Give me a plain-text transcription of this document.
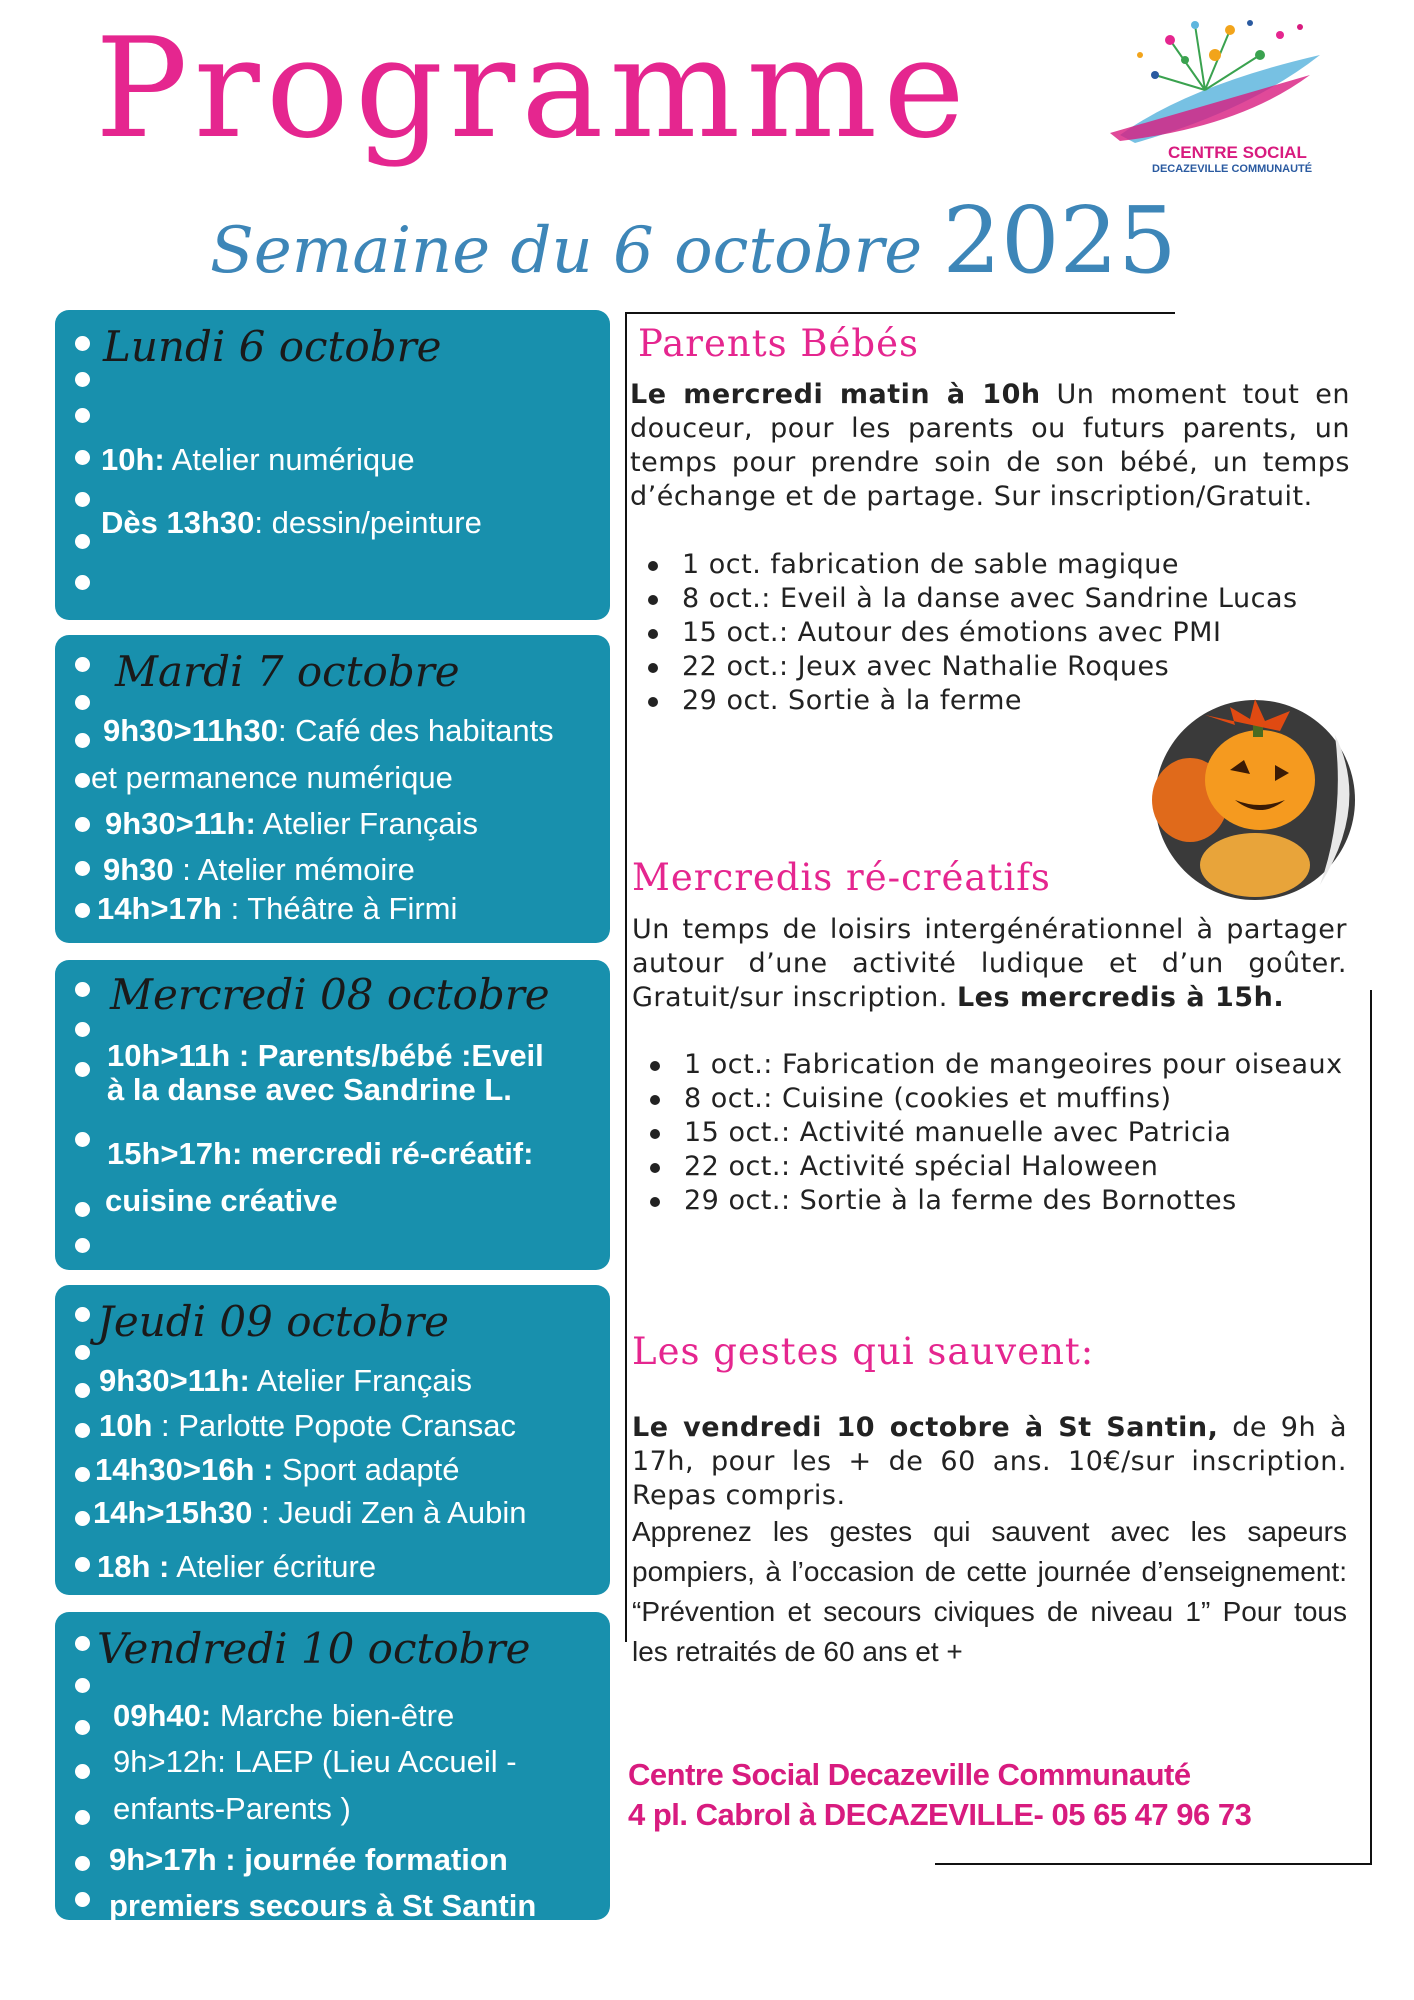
Programme
Semaine du 6 octobre 2025
CENTRE SOCIAL
DECAZEVILLE COMMUNAUTÉ
Lundi 6 octobre
10h: Atelier numérique
Dès 13h30: dessin/peinture
Mardi 7 octobre
9h30>11h30: Café des habitants
et permanence numérique
9h30>11h: Atelier Français
9h30 : Atelier mémoire
14h>17h : Théâtre à Firmi
Mercredi 08 octobre
10h>11h : Parents/bébé :Eveil
à la danse avec Sandrine L.
15h>17h: mercredi ré-créatif:
cuisine créative
Jeudi 09 octobre
9h30>11h: Atelier Français
10h : Parlotte Popote Cransac
14h30>16h : Sport adapté
14h>15h30 : Jeudi Zen à Aubin
18h : Atelier écriture
Vendredi 10 octobre
09h40: Marche bien-être
9h>12h: LAEP (Lieu Accueil -
enfants-Parents )
9h>17h : journée formation
premiers secours à St Santin
Parents Bébés
Le mercredi matin à 10h Un moment tout en douceur, pour les parents ou futurs parents, un temps pour prendre soin de son bébé, un temps d’échange et de partage. Sur inscription/Gratuit.
1 oct. fabrication de sable magique
8 oct.: Eveil à la danse avec Sandrine Lucas
15 oct.: Autour des émotions avec PMI
22 oct.: Jeux avec Nathalie Roques
29 oct. Sortie à la ferme
Mercredis ré-créatifs
Un temps de loisirs intergénérationnel à partager autour d’une activité ludique et d’un goûter. Gratuit/sur inscription. Les mercredis à 15h.
1 oct.: Fabrication de mangeoires pour oiseaux
8 oct.: Cuisine (cookies et muffins)
15 oct.: Activité manuelle avec Patricia
22 oct.: Activité spécial Haloween
29 oct.: Sortie à la ferme des Bornottes
Les gestes qui sauvent:
Le vendredi 10 octobre à St Santin, de 9h à 17h, pour les + de 60 ans. 10€/sur inscription. Repas compris.
Apprenez les gestes qui sauvent avec les sapeurs pompiers, à l’occasion de cette journée d’enseignement: “Prévention et secours civiques de niveau 1” Pour tous les retraités de 60 ans et +
Centre Social Decazeville Communauté
4 pl. Cabrol à DECAZEVILLE- 05 65 47 96 73
